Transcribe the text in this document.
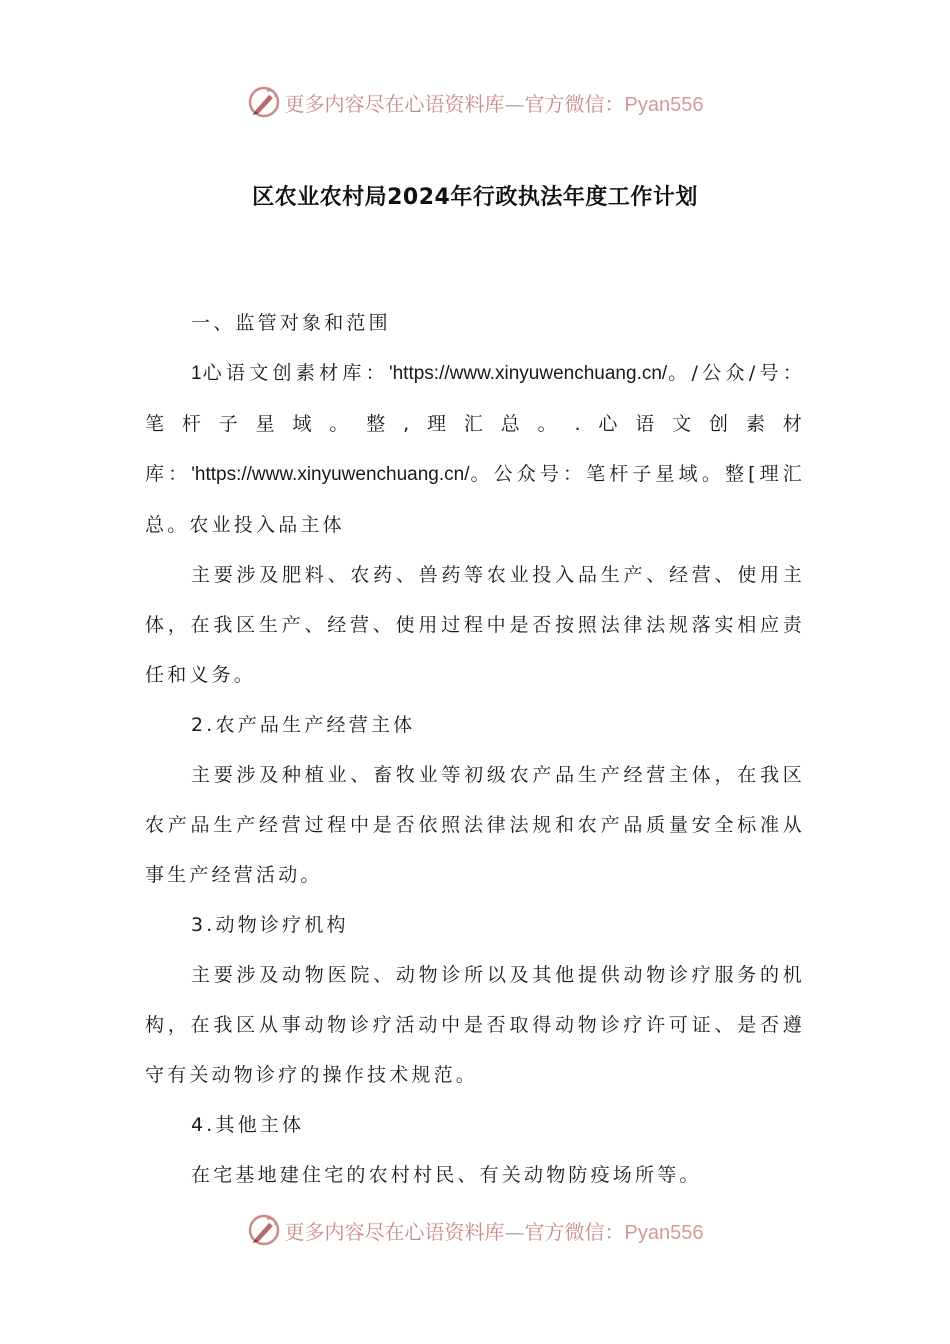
更多内容尽在心语资料库—官方微信：Pyan556
区农业农村局2024年行政执法年度工作计划

一、监管对象和范围

1心语文创素材库：'https://www.xinyuwenchuang.cn/。/公众/号：笔杆子星域。整,理汇总。.心语文创素材库：'https://www.xinyuwenchuang.cn/。公众号：笔杆子星域。整[理汇总。农业投入品主体

主要涉及肥料、农药、兽药等农业投入品生产、经营、使用主体，在我区生产、经营、使用过程中是否按照法律法规落实相应责任和义务。

2.农产品生产经营主体

主要涉及种植业、畜牧业等初级农产品生产经营主体，在我区农产品生产经营过程中是否依照法律法规和农产品质量安全标准从事生产经营活动。

3.动物诊疗机构

主要涉及动物医院、动物诊所以及其他提供动物诊疗服务的机构，在我区从事动物诊疗活动中是否取得动物诊疗许可证、是否遵守有关动物诊疗的操作技术规范。

4.其他主体

在宅基地建住宅的农村村民、有关动物防疫场所等。

更多内容尽在心语资料库—官方微信：Pyan556
